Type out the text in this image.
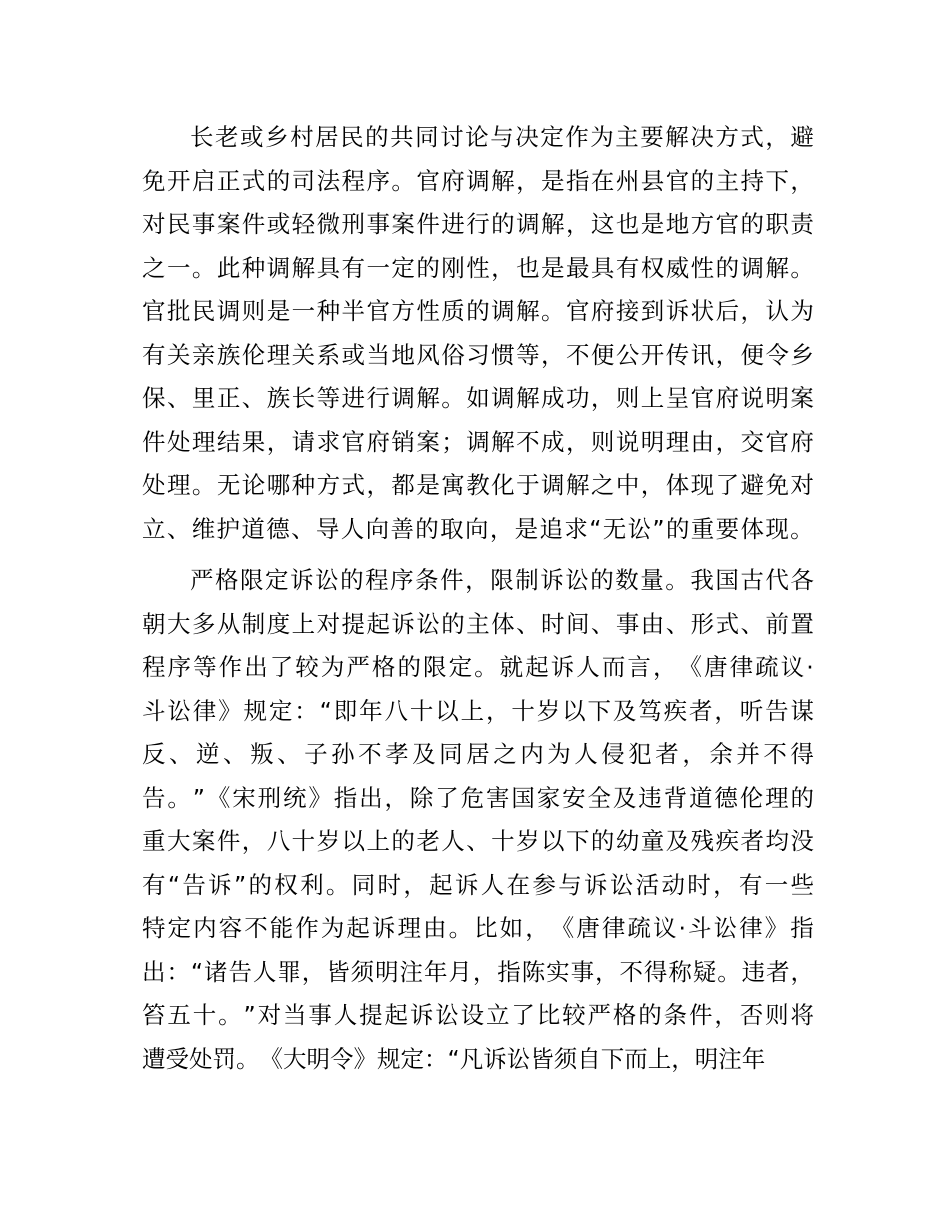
长 老 或 乡 村 居 民 的 共 同 讨 论 与 决 定 作 为 主 要 解 决 方 式 ， 避
免 开 启 正 式 的 司 法 程 序 。 官 府 调 解 ， 是 指 在 州 县 官 的 主 持 下 ，
对 民 事 案 件 或 轻 微 刑 事 案 件 进 行 的 调 解 ， 这 也 是 地 方 官 的 职 责
之 一 。 此 种 调 解 具 有 一 定 的 刚 性 ， 也 是 最 具 有 权 威 性 的 调 解 。
官 批 民 调 则 是 一 种 半 官 方 性 质 的 调 解 。 官 府 接 到 诉 状 后 ， 认 为
有 关 亲 族 伦 理 关 系 或 当 地 风 俗 习 惯 等 ， 不 便 公 开 传 讯 ， 便 令 乡
保 、 里 正 、 族 长 等 进 行 调 解 。 如 调 解 成 功 ， 则 上 呈 官 府 说 明 案
件 处 理 结 果 ， 请 求 官 府 销 案 ； 调 解 不 成 ， 则 说 明 理 由 ， 交 官 府
处 理 。 无 论 哪 种 方 式 ， 都 是 寓 教 化 于 调 解 之 中 ， 体 现 了 避 免 对
立 、 维 护 道 德 、 导 人 向 善 的 取 向 ， 是 追 求 “ 无 讼 ” 的 重 要 体 现 。
严 格 限 定 诉 讼 的 程 序 条 件 ， 限 制 诉 讼 的 数 量 。 我 国 古 代 各
朝 大 多 从 制 度 上 对 提 起 诉 讼 的 主 体 、 时 间 、 事 由 、 形 式 、 前 置
程 序 等 作 出 了 较 为 严 格 的 限 定 。 就 起 诉 人 而 言 ， 《 唐 律 疏 议 ·
斗 讼 律 》 规 定 ： “ 即 年 八 十 以 上 ， 十 岁 以 下 及 笃 疾 者 ， 听 告 谋
反 、 逆 、 叛 、 子 孙 不 孝 及 同 居 之 内 为 人 侵 犯 者 ， 余 并 不 得
告 。 ” 《 宋 刑 统 》 指 出 ， 除 了 危 害 国 家 安 全 及 违 背 道 德 伦 理 的
重 大 案 件 ， 八 十 岁 以 上 的 老 人 、 十 岁 以 下 的 幼 童 及 残 疾 者 均 没
有 “ 告 诉 ” 的 权 利 。 同 时 ， 起 诉 人 在 参 与 诉 讼 活 动 时 ， 有 一 些
特 定 内 容 不 能 作 为 起 诉 理 由 。 比 如 ， 《 唐 律 疏 议 · 斗 讼 律 》 指
出 ： “ 诸 告 人 罪 ， 皆 须 明 注 年 月 ， 指 陈 实 事 ， 不 得 称 疑 。 违 者 ，
笞 五 十 。 ” 对 当 事 人 提 起 诉 讼 设 立 了 比 较 严 格 的 条 件 ， 否 则 将
遭 受 处 罚 。 《 大 明 令 》 规 定 ： “ 凡 诉 讼 皆 须 自 下 而 上 ， 明 注 年
